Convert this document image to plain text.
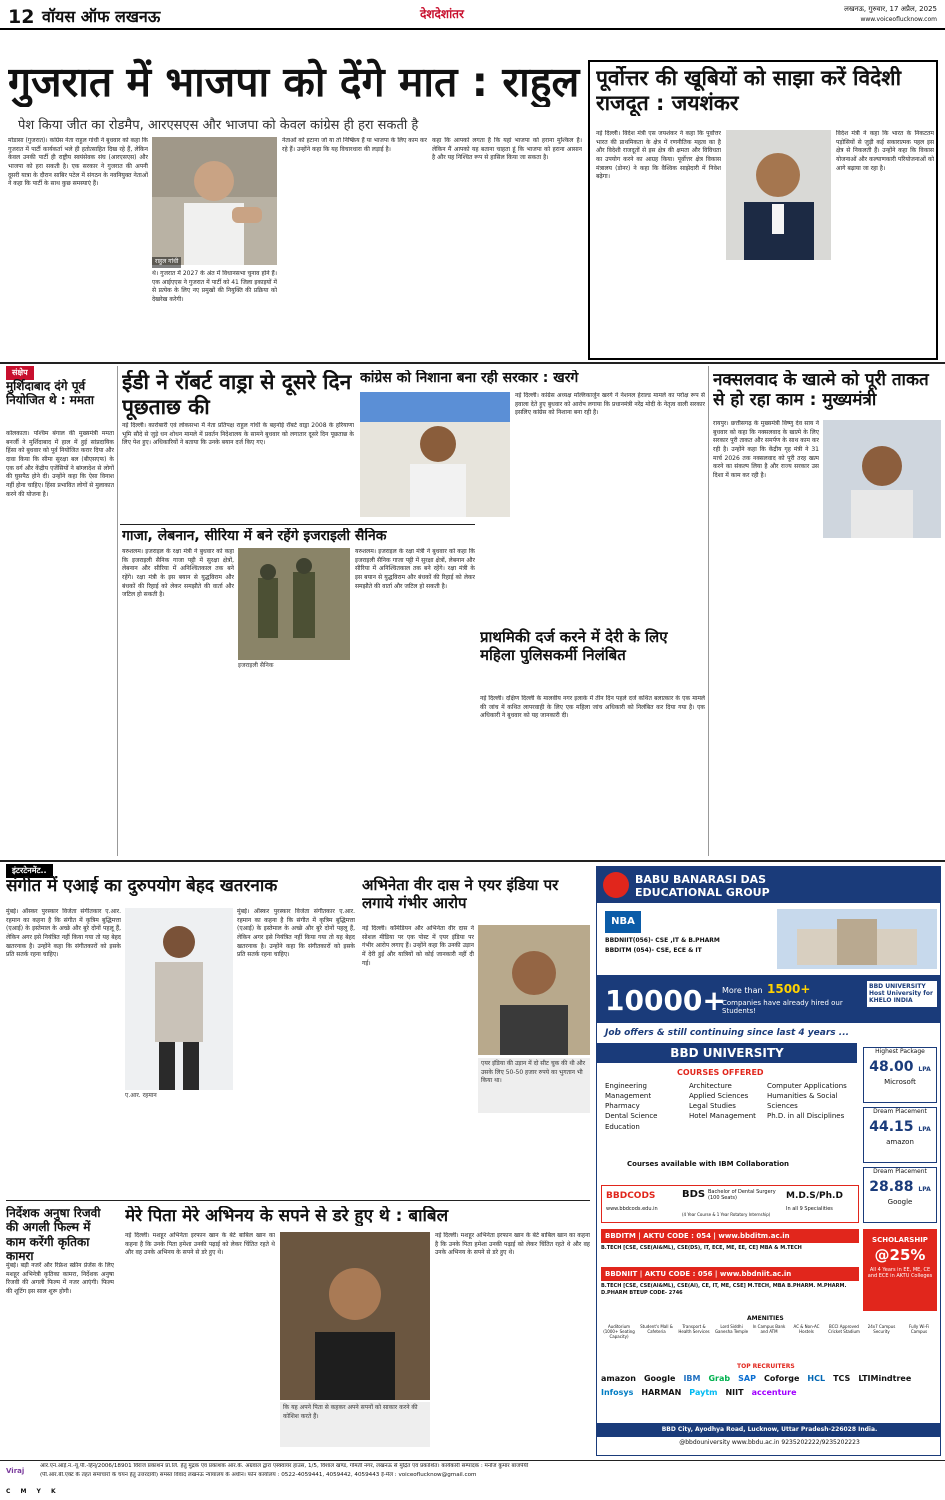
12 वॉयस ऑफ लखनऊ	देशदेशांतर	लखनऊ, गुरुवार, 17 अप्रैल, 2025
www.voiceoflucknow.com
गुजरात में भाजपा को देंगे मात : राहुल
पेश किया जीत का रोडमैप, आरएसएस और भाजपा को केवल कांग्रेस ही हरा सकती है
मोडासा (गुजरात)। कांग्रेस नेता राहुल गांधी ने बुधवार को कहा कि गुजरात में पार्टी कार्यकर्ता भले ही हतोत्साहित दिख रहे हैं, लेकिन केवल उनकी पार्टी ही राष्ट्रीय स्वयंसेवक संघ (आरएसएस) और भाजपा को हरा सकती है। एक सरकार ने गुजरात की अपनी दूसरी यात्रा के दौरान साबिर पटेल में संगठन के नवनियुक्त नेताओं ने कहा कि पार्टी के साथ कुछ समस्याएं हैं।
राहुल गांधी
थे। गुजरात में 2027 के अंत में विधानसभा चुनाव होने हैं। एक आईएएस ने गुजरात में पार्टी को 41 जिला इकाइयों में से प्रत्येक के लिए नए प्रमुखों की नियुक्ति की प्रक्रिया को देखरेख करेगी।
नेताओं को हटाना जो या तो निष्क्रिय हैं या भाजपा के लिए काम कर रहे हैं। उन्होंने कहा कि यह विचारधारा की लड़ाई है।
कहा कि आपको लगता है कि यहां भाजपा को हराना मुश्किल है। लेकिन मैं आपको यह बताना चाहता हूं कि भाजपा को हराना आसान है और यह निश्चित रूप से हासिल किया जा सकता है।
पूर्वोत्तर की खूबियों को साझा करें विदेशी राजदूत : जयशंकर
नई दिल्ली। विदेश मंत्री एस जयशंकर ने कहा कि पूर्वोत्तर भारत की प्राथमिकता के क्षेत्र में रणनीतिक महत्व का है और विदेशी राजदूतों से इस क्षेत्र की क्षमता और विविधता का उपयोग करने का आग्रह किया। पूर्वोत्तर क्षेत्र विकास मंत्रालय (डोनर) ने कहा कि वैश्विक साझेदारी में निवेश बढ़ेगा।
विदेश मंत्री ने कहा कि भारत के निकटतम पड़ोसियों से जुड़ी कई सकारात्मक पहल इस क्षेत्र से निकलती हैं। उन्होंने कहा कि विकास योजनाओं और कल्याणकारी परियोजनाओं को आगे बढ़ाया जा रहा है।
संक्षेप
मुर्शिदाबाद दंगे पूर्व नियोजित थे : ममता
कोलकाता। पश्चिम बंगाल की मुख्यमंत्री ममता बनर्जी ने मुर्शिदाबाद में हाल में हुई सांप्रदायिक हिंसा को बुधवार को पूर्व नियोजित करार दिया और दावा किया कि सीमा सुरक्षा बल (बीएसएफ) के एक वर्ग और केंद्रीय एजेंसियों ने बांग्लादेश से लोगों की घुसपैठ होने दी। उन्होंने कहा कि ऐसा विनाश नहीं होना चाहिए। हिंसा प्रभावित लोगों से मुलाकात करने की योजना है।
ईडी ने रॉबर्ट वाड्रा से दूसरे दिन पूछताछ की
नई दिल्ली। कारोबारी एवं लोकसभा में नेता प्रतिपक्ष राहुल गांधी के बहनोई रॉबर्ट वाड्रा 2008 के हरियाणा भूमि सौदे से जुड़े धन शोधन मामले में प्रवर्तन निदेशालय के सामने बुधवार को लगातार दूसरे दिन पूछताछ के लिए पेश हुए। अधिकारियों ने बताया कि उनके बयान दर्ज किए गए।
कांग्रेस को निशाना बना रही सरकार : खरगे
नई दिल्ली। कांग्रेस अध्यक्ष मल्लिकार्जुन खरगे ने नेशनल हेराल्ड मामले का परोक्ष रूप से हवाला देते हुए बुधवार को आरोप लगाया कि प्रधानमंत्री नरेंद्र मोदी के नेतृत्व वाली सरकार इसलिए कांग्रेस को निशाना बना रही है।
नक्सलवाद के खात्मे को पूरी ताकत से हो रहा काम : मुख्यमंत्री
रायपुर। छत्तीसगढ़ के मुख्यमंत्री विष्णु देव साय ने बुधवार को कहा कि नक्सलवाद के खात्मे के लिए सरकार पूरी ताकत और समर्पण के साथ काम कर रही है। उन्होंने कहा कि केंद्रीय गृह मंत्री ने 31 मार्च 2026 तक नक्सलवाद को पूरी तरह खत्म करने का संकल्प लिया है और राज्य सरकार उस दिशा में काम कर रही है।
गाजा, लेबनान, सीरिया में बने रहेंगे इजराइली सैनिक
यरुशलम। इजराइल के रक्षा मंत्री ने बुधवार को कहा कि इजराइली सैनिक गाजा पट्टी में सुरक्षा क्षेत्रों, लेबनान और सीरिया में अनिश्चितकाल तक बने रहेंगे। रक्षा मंत्री के इस बयान से युद्धविराम और बंधकों की रिहाई को लेकर समझौते की वार्ता और जटिल हो सकती है।
इजराइली सैनिक
यरुशलम। इजराइल के रक्षा मंत्री ने बुधवार को कहा कि इजराइली सैनिक गाजा पट्टी में सुरक्षा क्षेत्रों, लेबनान और सीरिया में अनिश्चितकाल तक बने रहेंगे। रक्षा मंत्री के इस बयान से युद्धविराम और बंधकों की रिहाई को लेकर समझौते की वार्ता और जटिल हो सकती है।
प्राथमिकी दर्ज करने में देरी के लिए महिला पुलिसकर्मी निलंबित
नई दिल्ली। दक्षिण दिल्ली के मालवीय नगर इलाके में तीन दिन पहले दर्ज कथित बलात्कार के एक मामले की जांच में कथित लापरवाही के लिए एक महिला जांच अधिकारी को निलंबित कर दिया गया है। एक अधिकारी ने बुधवार को यह जानकारी दी।
इंटरटेनमेंट..
संगीत में एआई का दुरुपयोग बेहद खतरनाक
मुंबई। ऑस्कर पुरस्कार विजेता संगीतकार ए.आर. रहमान का कहना है कि संगीत में कृत्रिम बुद्धिमत्ता (एआई) के इस्तेमाल के अच्छे और बुरे दोनों पहलू हैं, लेकिन अगर इसे नियंत्रित नहीं किया गया तो यह बेहद खतरनाक है। उन्होंने कहा कि संगीतकारों को इसके प्रति सतर्क रहना चाहिए।
ए.आर. रहमान
मुंबई। ऑस्कर पुरस्कार विजेता संगीतकार ए.आर. रहमान का कहना है कि संगीत में कृत्रिम बुद्धिमत्ता (एआई) के इस्तेमाल के अच्छे और बुरे दोनों पहलू हैं, लेकिन अगर इसे नियंत्रित नहीं किया गया तो यह बेहद खतरनाक है। उन्होंने कहा कि संगीतकारों को इसके प्रति सतर्क रहना चाहिए।
अभिनेता वीर दास ने एयर इंडिया पर लगाये गंभीर आरोप
नई दिल्ली। कॉमेडियन और अभिनेता वीर दास ने सोशल मीडिया पर एक पोस्ट में एयर इंडिया पर गंभीर आरोप लगाए हैं। उन्होंने कहा कि उनकी उड़ान में देरी हुई और यात्रियों को कोई जानकारी नहीं दी गई।
एयर इंडिया की उड़ान में दो सीट चुक की थी और उसके लिए 50-50 हजार रुपये का भुगतान भी किया था।
निर्देशक अनुषा रिजवी की अगली फिल्म में काम करेंगी कृतिका कामरा
मुंबई। बड़ी नजरें और रिफ्रेश स्क्रीन प्रेजेंस के लिए मशहूर अभिनेत्री कृतिका कामरा, निर्देशक अनुषा रिजवी की अगली फिल्म में नजर आएंगी। फिल्म की शूटिंग इस साल शुरू होगी।
मेरे पिता मेरे अभिनय के सपने से डरे हुए थे : बाबिल
नई दिल्ली। मशहूर अभिनेता इरफान खान के बेटे बाबिल खान का कहना है कि उनके पिता हमेशा उनकी पढ़ाई को लेकर चिंतित रहते थे और वह उनके अभिनय के सपने से डरे हुए थे।
कि यह अपने पिता से कहकर अपने सपनों को साकार करने की कोशिश करते हैं।
नई दिल्ली। मशहूर अभिनेता इरफान खान के बेटे बाबिल खान का कहना है कि उनके पिता हमेशा उनकी पढ़ाई को लेकर चिंतित रहते थे और वह उनके अभिनय के सपने से डरे हुए थे।
BABU BANARASI DAS EDUCATIONAL GROUP
NBA
BBDNIIT(056)- CSE ,IT & B.PHARM
BBDITM (054)- CSE, ECE & IT
10000+
More than 1500+
Companies have already hired our Students!
BBD UNIVERSITY Host University for KHELO INDIA
Job offers & still continuing since last 4 years ...
BBD UNIVERSITY
COURSES OFFERED
Engineering
Management
Pharmacy
Dental Science
Education
Architecture
Applied Sciences
Legal Studies
Hotel Management
Computer Applications
Humanities & Social Sciences
Ph.D. in all Disciplines
Courses available with IBM Collaboration
Highest Package
48.00 LPA
Microsoft
Dream Placement
44.15 LPA
amazon
Dream Placement
28.88 LPA
Google
BBDCODS
www.bbdcods.edu.in
BDS Bachelor of Dental Surgery (100 Seats)
(4 Year Course & 1 Year Rotatory Internship)
M.D.S/Ph.D
In all 9 Specialities
BBDITM | AKTU CODE : 054 | www.bbditm.ac.in
B.TECH [CSE, CSE(AI&ML), CSE(DS), IT, ECE, ME, EE, CE] MBA & M.TECH
BBDNIIT | AKTU CODE : 056 | www.bbdniit.ac.in
B.TECH [CSE, CSE(AI&ML), CSE(AI), CE, IT, ME, CSE] M.TECH, MBA B.PHARM. M.PHARM. D.PHARM BTEUP CODE- 2746
SCHOLARSHIP
@25%
All 4 Years in EE, ME, CE and ECE in AKTU Colleges
AMENITIES
Auditorium (1000+ Seating Capacity)
Student's Mall & Cafeteria
Transport & Health Services
Lord Siddhi Ganesha Temple
In Campus Bank and ATM
AC & Non-AC Hostels
BCCI Approved Cricket Stadium
24x7 Campus Security
Fully Wi-Fi Campus
TOP RECRUITERS
amazon Google IBM Grab SAP Coforge HCL TCS LTIMindtree
Infosys HARMAN Paytm NIIT accenture
BBD City, Ayodhya Road, Lucknow, Uttar Pradesh-226028 India.
@bbdouniversity www.bbdu.ac.in 9235202222/9235202223
Viraj
आर.एन.आई.नं.-यू.पी.-हिन्/2006/18901 विराज प्रकाशन प्रा.लि. हेतु मुद्रक एवं प्रकाशक आर.के. अग्रवाल द्वारा एस्क्वायर हाउस, 1/5, विशाल खण्ड, गोमती नगर, लखनऊ से मुद्रित एवं प्रकाशित। कार्यकारी सम्पादक : मनोज कुमार बाजपेयी
(पी.आर.बी.एक्ट के तहत समाचारों के चयन हेतु उत्तरदायी) समस्त विवाद लखनऊ न्यायालय के अधीन। फोन कार्यालय : 0522-4059441, 4059442, 4059443 ई-मेल : voiceoflucknow@gmail.com
C M Y K
